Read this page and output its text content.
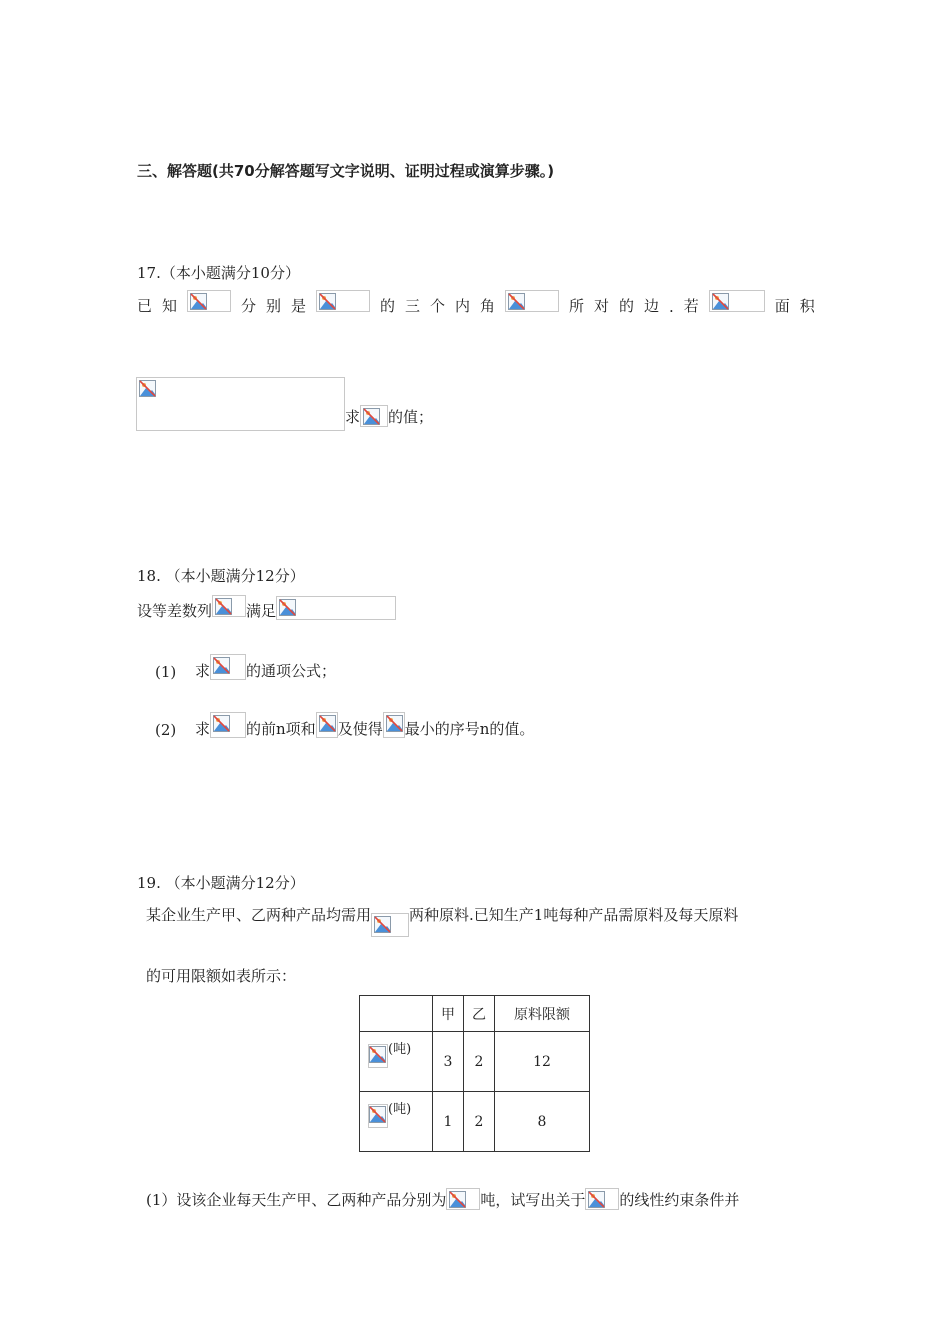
三、解答题(共70分解答题写文字说明、证明过程或演算步骤。)
17.（本小题满分10分）
已 知	分 别 是	的 三 个 内 角	所 对 的 边 . 若	面 积
求 的值；
18. （本小题满分12分）
设等差数列 满足
(1)	求 的通项公式；
(2)	求 的前n项和 及使得 最小的序号n的值。
19. （本小题满分12分）
某企业生产甲、乙两种产品均需用	两种原料.已知生产1吨每种产品需原料及每天原料
的可用限额如表所示：
	甲	乙	原料限额

(吨)	3	2	12

(吨)	1	2	8
(1）设该企业每天生产甲、乙两种产品分别为 吨，试写出关于 的线性约束条件并
